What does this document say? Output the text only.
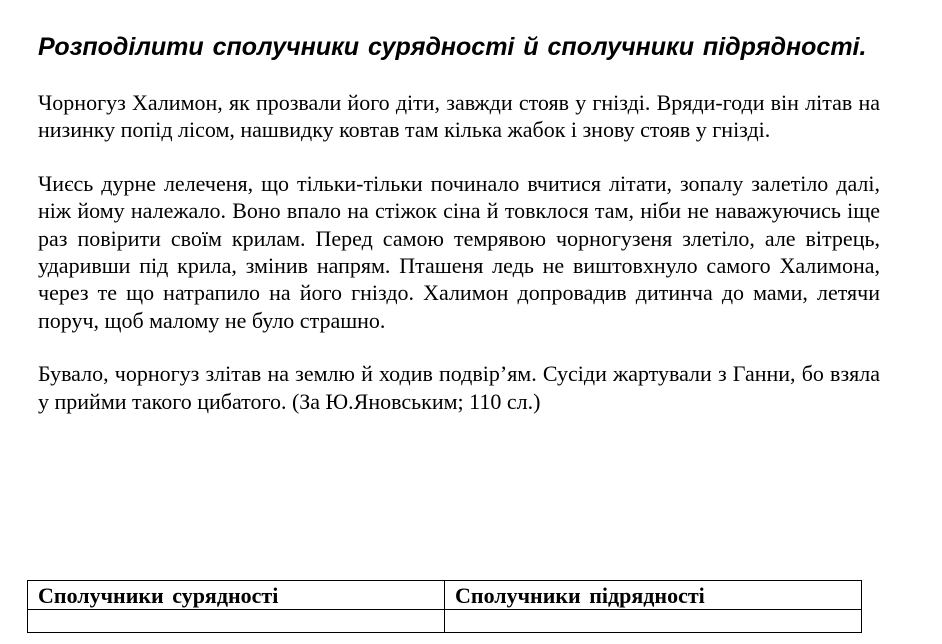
Розподілити сполучники сурядності й сполучники підрядності.

Чорногуз Халимон, як прозвали його діти, завжди стояв у гнізді. Вряди-годи він літав на низинку попід лісом, нашвидку ковтав там кілька жабок і знову стояв у гнізді.

Чиєсь дурне лелеченя, що тільки-тільки починало вчитися літати, зопалу залетіло далі, ніж йому належало. Воно впало на стіжок сіна й товклося там, ніби не наважуючись іще раз повірити своїм крилам. Перед самою темрявою чорногузеня злетіло, але вітрець, ударивши під крила, змінив напрям. Пташеня ледь не виштовхнуло самого Халимона, через те що натрапило на його гніздо. Халимон допровадив дитинча до мами, летячи поруч, щоб малому не було страшно.

Бувало, чорногуз злітав на землю й ходив подвір’ям. Сусіди жартували з Ганни, бо взяла у прийми такого цибатого. (За Ю.Яновським; 110 сл.)

Сполучники сурядності	Сполучники підрядності
